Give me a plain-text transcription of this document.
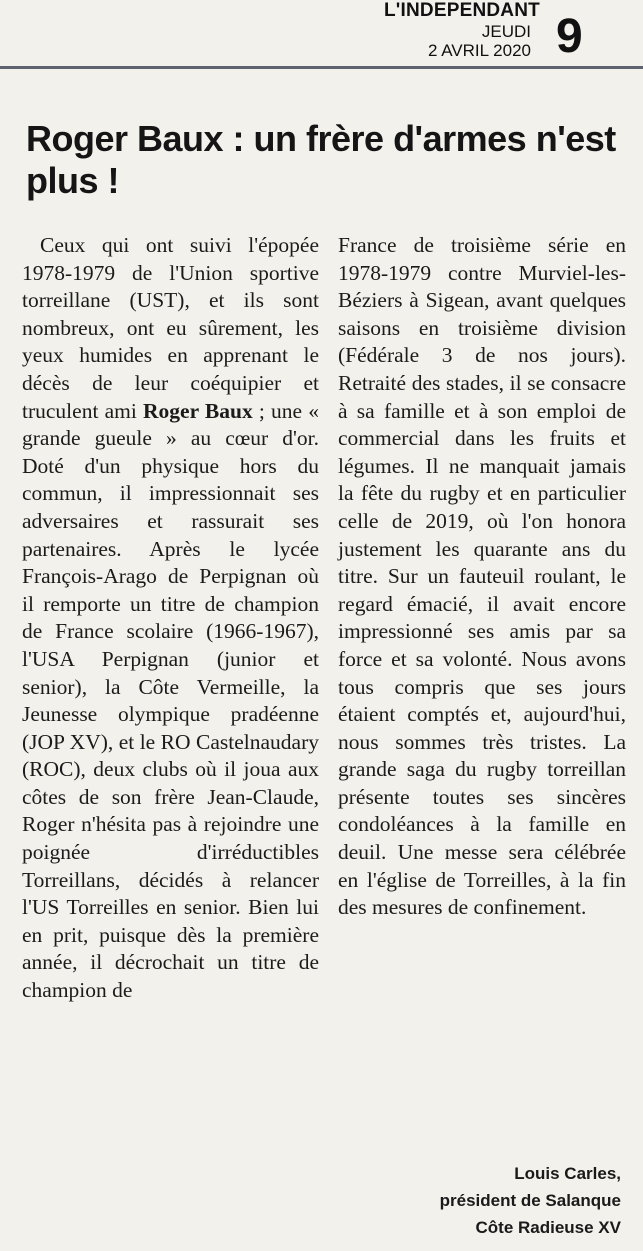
L'INDEPENDANT
JEUDI
2 AVRIL 2020 9
Roger Baux : un frère d'armes n'est plus !

Ceux qui ont suivi l'épopée 1978-1979 de l'Union sportive torreillane (UST), et ils sont nombreux, ont eu sûrement, les yeux humides en apprenant le décès de leur coéquipier et truculent ami Roger Baux ; une « grande gueule » au cœur d'or. Doté d'un physique hors du commun, il impressionnait ses adversaires et rassurait ses partenaires. Après le lycée François-Arago de Perpignan où il remporte un titre de champion de France scolaire (1966-1967), l'USA Perpignan (junior et senior), la Côte Vermeille, la Jeunesse olympique pradéenne (JOP XV), et le RO Castelnaudary (ROC), deux clubs où il joua aux côtes de son frère Jean-Claude, Roger n'hésita pas à rejoindre une poignée d'irréductibles Torreillans, décidés à relancer l'US Torreilles en senior. Bien lui en prit, puisque dès la première année, il décrochait un titre de champion de

France de troisième série en 1978-1979 contre Murviel-les-Béziers à Sigean, avant quelques saisons en troisième division (Fédérale 3 de nos jours). Retraité des stades, il se consacre à sa famille et à son emploi de commercial dans les fruits et légumes. Il ne manquait jamais la fête du rugby et en particulier celle de 2019, où l'on honora justement les quarante ans du titre. Sur un fauteuil roulant, le regard émacié, il avait encore impressionné ses amis par sa force et sa volonté. Nous avons tous compris que ses jours étaient comptés et, aujourd'hui, nous sommes très tristes. La grande saga du rugby torreillan présente toutes ses sincères condoléances à la famille en deuil. Une messe sera célébrée en l'église de Torreilles, à la fin des mesures de confinement.

Louis Carles,
président de Salanque
Côte Radieuse XV
